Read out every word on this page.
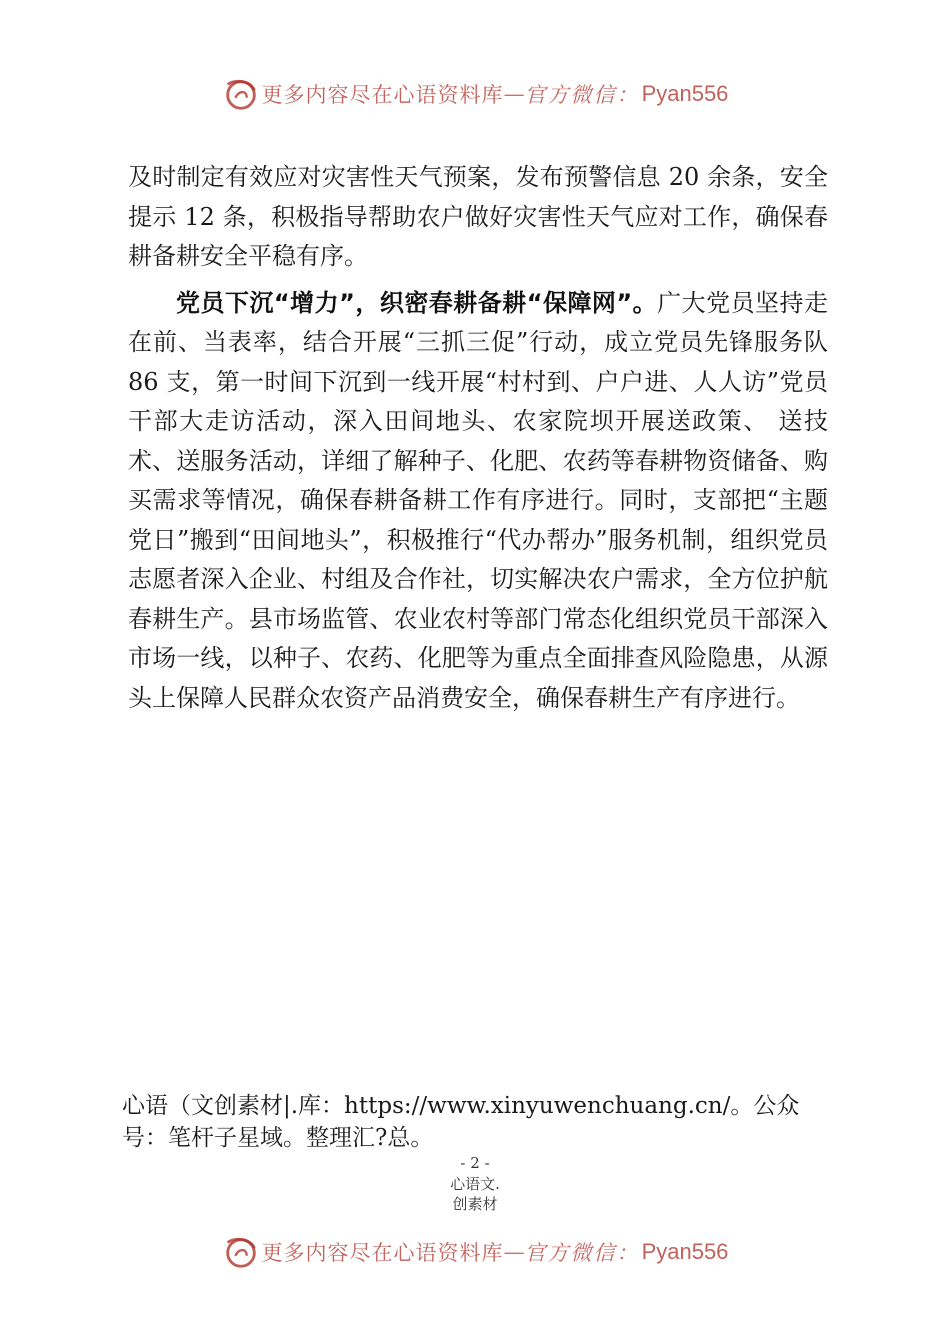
更多内容尽在心语资料库 — 官方微信： Pyan556

及时制定有效应对灾害性天气预案，发布预警信息 20 余条，安全提示 12 条，积极指导帮助农户做好灾害性天气应对工作，确保春耕备耕安全平稳有序。

党员下沉“增力”，织密春耕备耕“保障网”。广大党员坚持走在前、当表率，结合开展“三抓三促”行动，成立党员先锋服务队 86 支，第一时间下沉到一线开展“村村到、户户进、人人访”党员干部大走访活动，深入田间地头、农家院坝开展送政策、 送技术、送服务活动，详细了解种子、化肥、农药等春耕物资储备、购买需求等情况，确保春耕备耕工作有序进行。同时，支部把“主题党日”搬到“田间地头”，积极推行“代办帮办”服务机制，组织党员志愿者深入企业、村组及合作社，切实解决农户需求，全方位护航春耕生产。县市场监管、农业农村等部门常态化组织党员干部深入市场一线，以种子、农药、化肥等为重点全面排查风险隐患，从源头上保障人民群众农资产品消费安全，确保春耕生产有序进行。

心语（文创素材|.库：https://www.xinyuwenchuang.cn/。公众号：笔杆子星域。整理汇?总。
- 2 -
心语文.
创素材
更多内容尽在心语资料库 — 官方微信： Pyan556
